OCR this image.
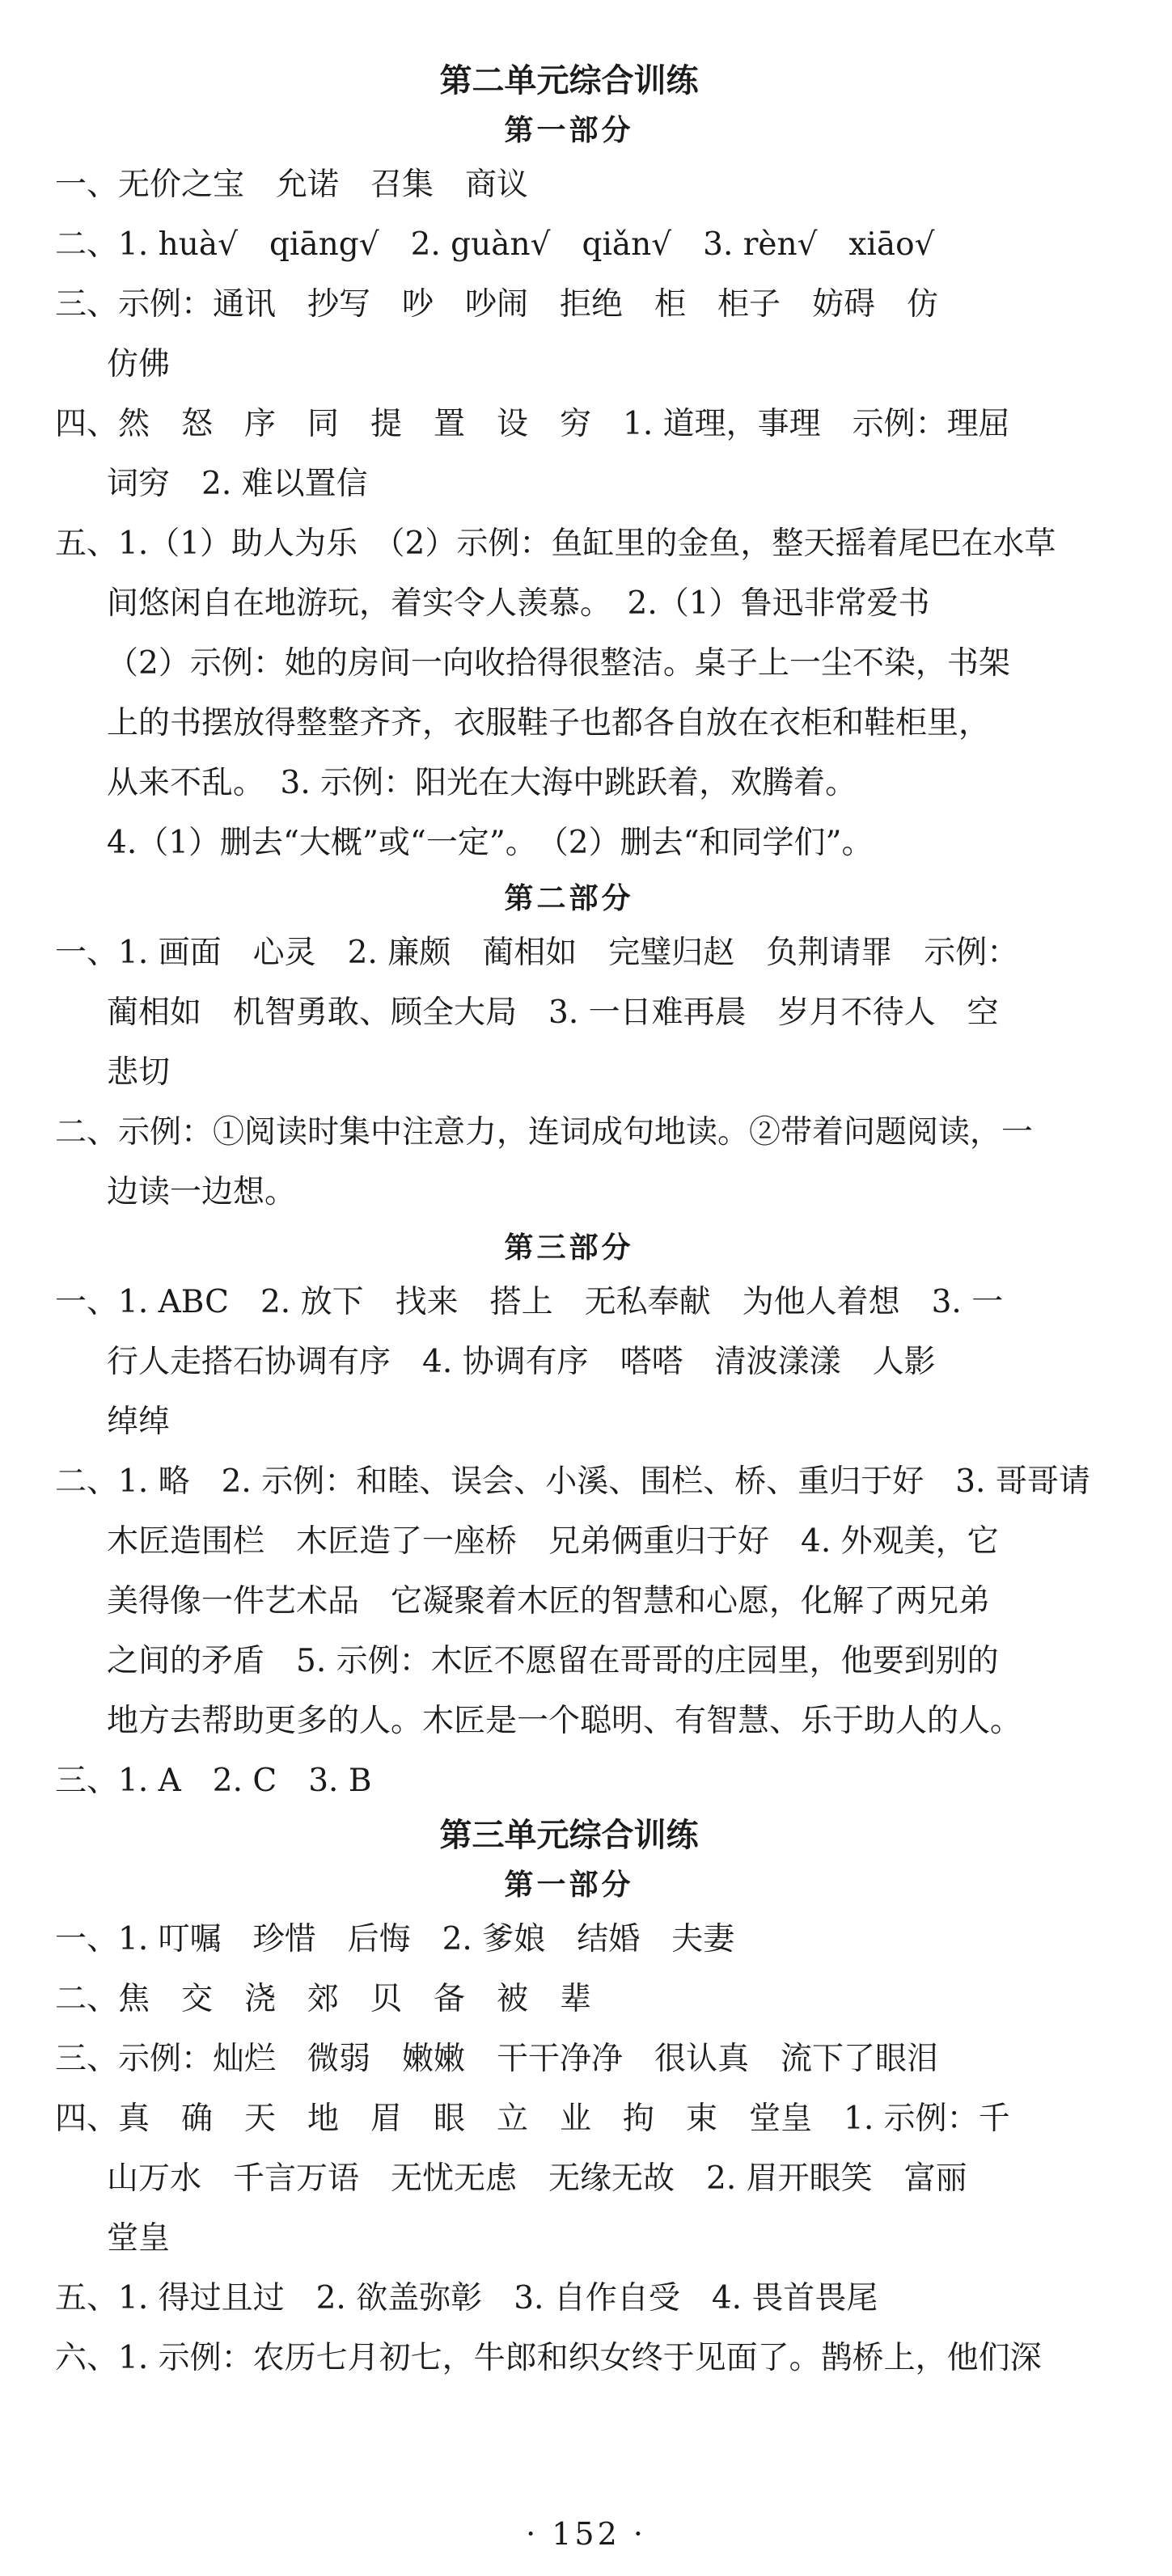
第二单元综合训练
第一部分

一、无价之宝　允诺　召集　商议

二、1. huà√　qiāng√　2. guàn√　qiǎn√　3. rèn√　xiāo√

三、示例：通讯　抄写　吵　吵闹　拒绝　柜　柜子　妨碍　仿

仿佛

四、然　怒　序　同　提　置　设　穷　1. 道理，事理　示例：理屈

词穷　2. 难以置信

五、1.（1）助人为乐　（2）示例：鱼缸里的金鱼，整天摇着尾巴在水草

间悠闲自在地游玩，着实令人羡慕。　2.（1）鲁迅非常爱书

（2）示例：她的房间一向收拾得很整洁。桌子上一尘不染，书架

上的书摆放得整整齐齐，衣服鞋子也都各自放在衣柜和鞋柜里，

从来不乱。　3. 示例：阳光在大海中跳跃着，欢腾着。

4.（1）删去“大概”或“一定”。　（2）删去“和同学们”。

第二部分

一、1. 画面　心灵　2. 廉颇　蔺相如　完璧归赵　负荆请罪　示例：

蔺相如　机智勇敢、顾全大局　3. 一日难再晨　岁月不待人　空

悲切

二、示例：①阅读时集中注意力，连词成句地读。②带着问题阅读，一

边读一边想。

第三部分

一、1. ABC　2. 放下　找来　搭上　无私奉献　为他人着想　3. 一

行人走搭石协调有序　4. 协调有序　嗒嗒　清波漾漾　人影

绰绰

二、1. 略　2. 示例：和睦、误会、小溪、围栏、桥、重归于好　3. 哥哥请

木匠造围栏　木匠造了一座桥　兄弟俩重归于好　4. 外观美，它

美得像一件艺术品　它凝聚着木匠的智慧和心愿，化解了两兄弟

之间的矛盾　5. 示例：木匠不愿留在哥哥的庄园里，他要到别的

地方去帮助更多的人。木匠是一个聪明、有智慧、乐于助人的人。

三、1. A　2. C　3. B

第三单元综合训练
第一部分

一、1. 叮嘱　珍惜　后悔　2. 爹娘　结婚　夫妻

二、焦　交　浇　郊　贝　备　被　辈

三、示例：灿烂　微弱　嫩嫩　干干净净　很认真　流下了眼泪

四、真　确　天　地　眉　眼　立　业　拘　束　堂皇　1. 示例：千

山万水　千言万语　无忧无虑　无缘无故　2. 眉开眼笑　富丽

堂皇

五、1. 得过且过　2. 欲盖弥彰　3. 自作自受　4. 畏首畏尾

六、1. 示例：农历七月初七，牛郎和织女终于见面了。鹊桥上，他们深

· 152 ·
